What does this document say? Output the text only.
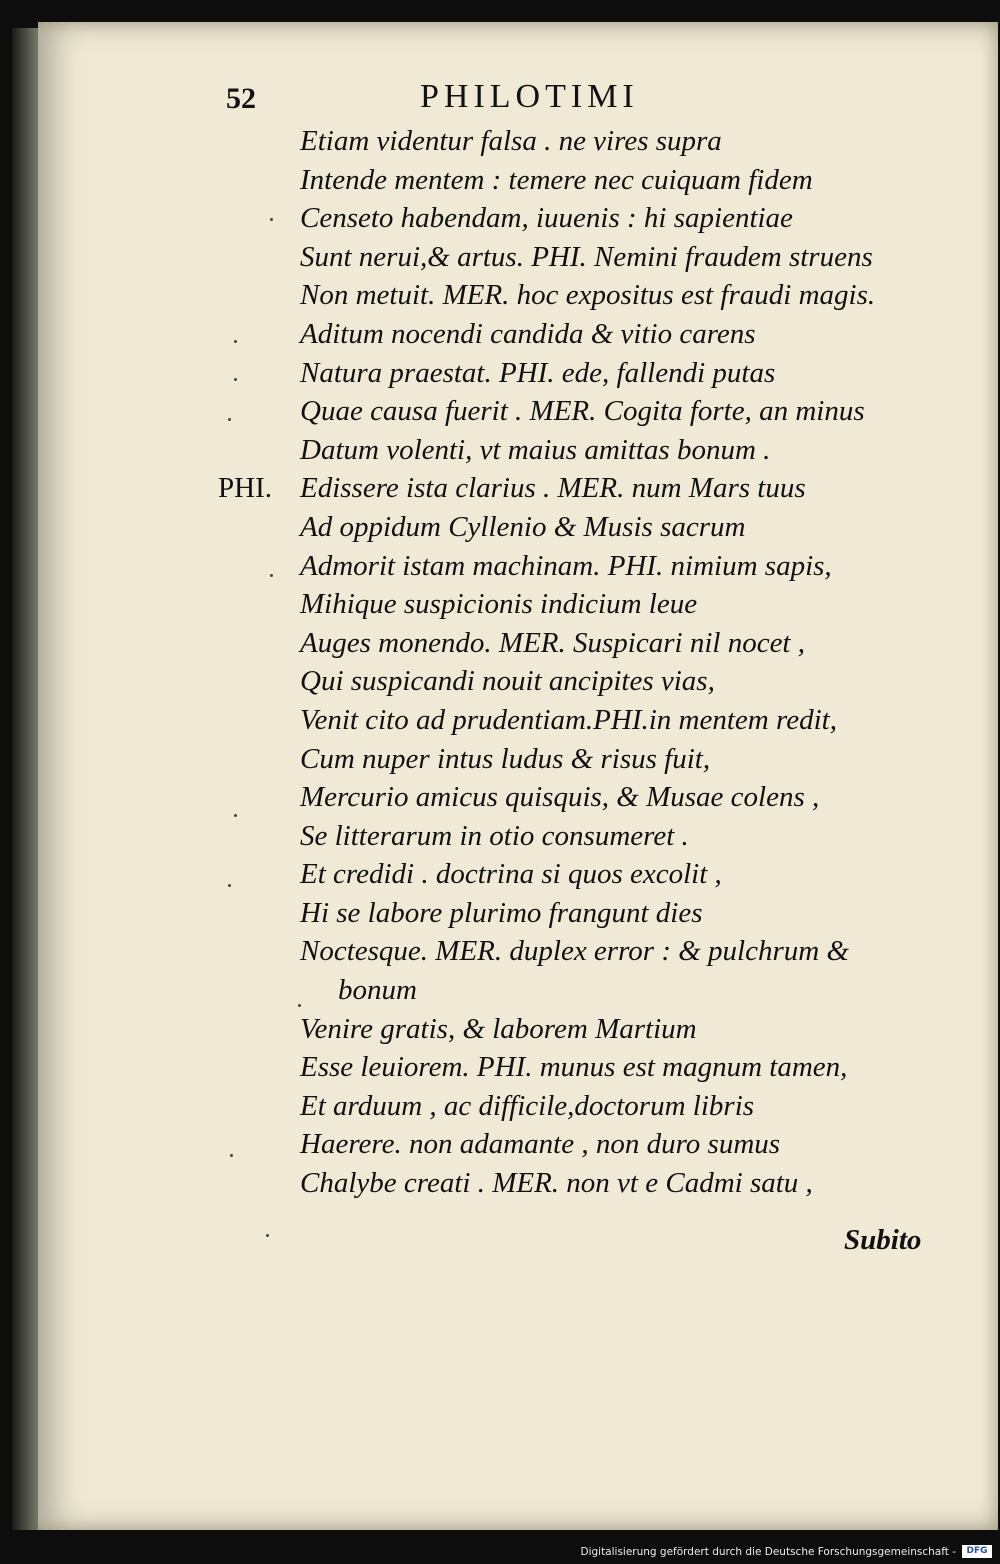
52	PHILOTIMI
Etiam videntur falsa . ne vires supra
Intende mentem : temere nec cuiquam fidem
Censeto habendam, iuuenis : hi sapientiae
Sunt nerui,& artus. PHI. Nemini fraudem struens
Non metuit. MER. hoc expositus est fraudi magis.
Aditum nocendi candida & vitio carens
Natura praestat. PHI. ede, fallendi putas
Quae causa fuerit . MER. Cogita forte, an minus
Datum volenti, vt maius amittas bonum .
PHI. Edissere ista clarius . MER. num Mars tuus
Ad oppidum Cyllenio & Musis sacrum
Admorit istam machinam. PHI. nimium sapis,
Mihique suspicionis indicium leue
Auges monendo. MER. Suspicari nil nocet ,
Qui suspicandi nouit ancipites vias,
Venit cito ad prudentiam.PHI.in mentem redit,
Cum nuper intus ludus & risus fuit,
Mercurio amicus quisquis, & Musae colens ,
Se litterarum in otio consumeret .
Et credidi . doctrina si quos excolit ,
Hi se labore plurimo frangunt dies
Noctesque. MER. duplex error : & pulchrum &
bonum
Venire gratis, & laborem Martium
Esse leuiorem. PHI. munus est magnum tamen,
Et arduum , ac difficile,doctorum libris
Haerere. non adamante , non duro sumus
Chalybe creati . MER. non vt e Cadmi satu ,
Subito
Digitalisierung gefördert durch die Deutsche Forschungsgemeinschaft -	DFG
